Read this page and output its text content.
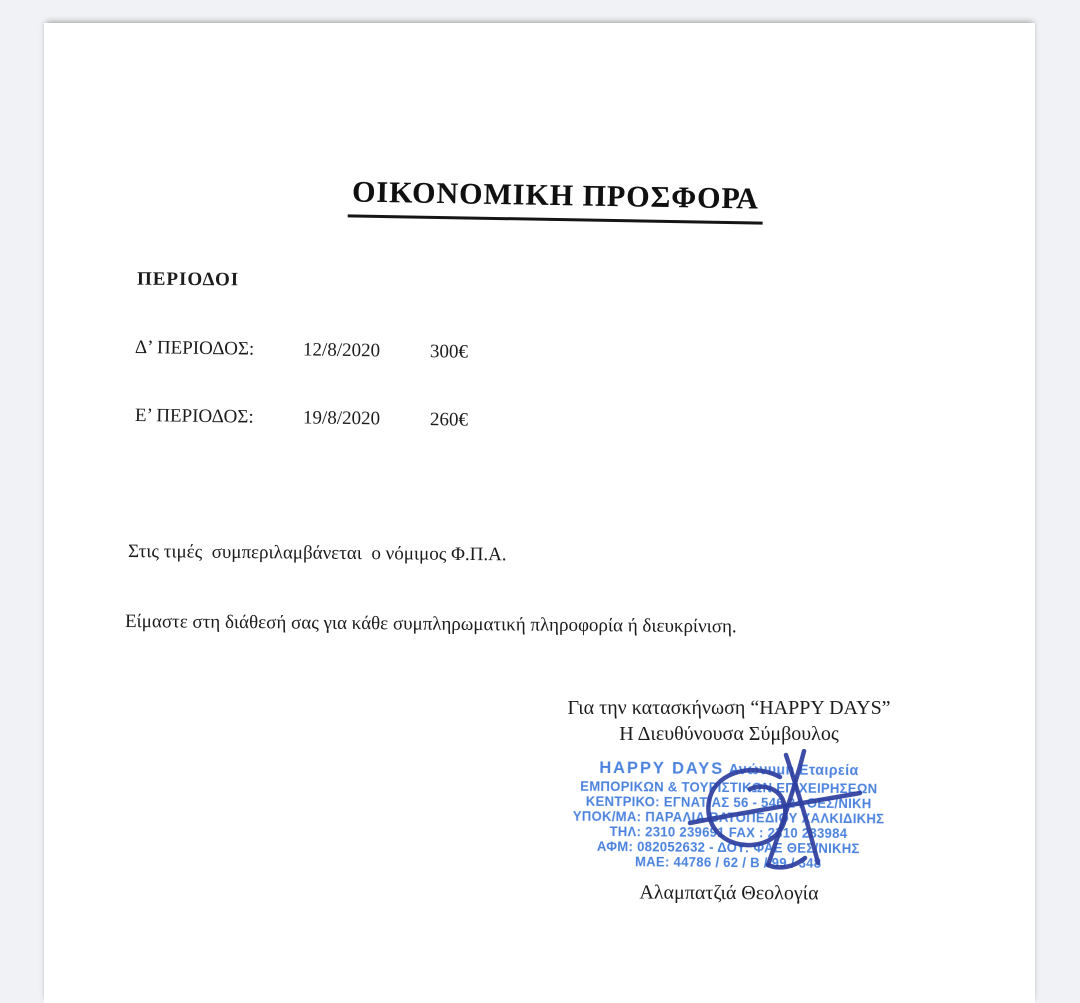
ΟΙΚΟΝΟΜΙΚΗ ΠΡΟΣΦΟΡΑ
ΠΕΡΙΟΔΟΙ
Δ’ ΠΕΡΙΟΔΟΣ:	12/8/2020	300€
Ε’ ΠΕΡΙΟΔΟΣ:	19/8/2020	260€
Στις τιμές  συμπεριλαμβάνεται  ο νόμιμος Φ.Π.Α.
Είμαστε στη διάθεσή σας για κάθε συμπληρωματική πληροφορία ή διευκρίνιση.
Για την κατασκήνωση “HAPPY DAYS”
Η Διευθύνουσα Σύμβουλος
HAPPY DAYS Ανώνυμη Εταιρεία
ΕΜΠΟΡΙΚΩΝ & ΤΟΥΡΙΣΤΙΚΩΝ ΕΠΙΧΕΙΡΗΣΕΩΝ
ΚΕΝΤΡΙΚΟ: ΕΓΝΑΤΙΑΣ 56 - 546 24 ΘΕΣ/ΝΙΚΗ
ΥΠΟΚ/ΜΑ: ΠΑΡΑΛΙΑ ΒΑΤΟΠΕΔΙΟΥ ΧΑΛΚΙΔΙΚΗΣ
ΤΗΛ: 2310 239691 FAX : 2310 283984
ΑΦΜ: 082052632 - ΔΟΥ: ΦΑΕ ΘΕΣ/ΝΙΚΗΣ
ΜΑΕ: 44786 / 62 / Β / 99 / 348
Αλαμπατζιά Θεολογία
